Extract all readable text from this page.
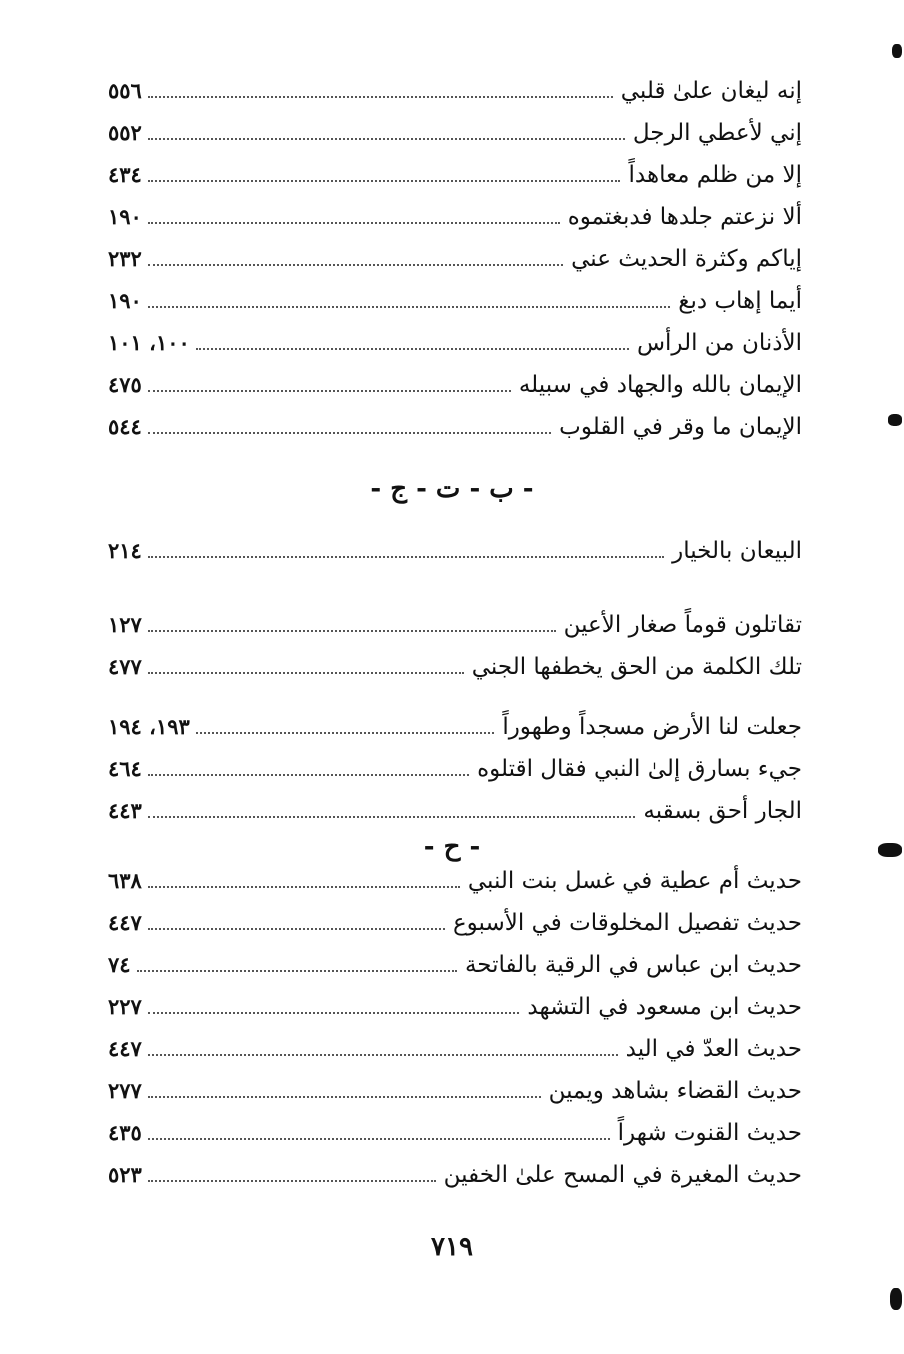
إنه ليغان علىٰ قلبي
٥٥٦
إني لأعطي الرجل
٥٥٢
إلا من ظلم معاهداً
٤٣٤
ألا نزعتم جلدها فدبغتموه
١٩٠
إياكم وكثرة الحديث عني
٢٣٢
أيما إهاب دبغ
١٩٠
الأذنان من الرأس
١٠٠، ١٠١
الإيمان بالله والجهاد في سبيله
٤٧٥
الإيمان ما وقر في القلوب
٥٤٤
- ب - ت - ج -
البيعان بالخيار
٢١٤
تقاتلون قوماً صغار الأعين
١٢٧
تلك الكلمة من الحق يخطفها الجني
٤٧٧
جعلت لنا الأرض مسجداً وطهوراً
١٩٣، ١٩٤
جيء بسارق إلىٰ النبي فقال اقتلوه
٤٦٤
الجار أحق بسقبه
٤٤٣
- ح -
حديث أم عطية في غسل بنت النبي
٦٣٨
حديث تفصيل المخلوقات في الأسبوع
٤٤٧
حديث ابن عباس في الرقية بالفاتحة
٧٤
حديث ابن مسعود في التشهد
٢٢٧
حديث العدّ في اليد
٤٤٧
حديث القضاء بشاهد ويمين
٢٧٧
حديث القنوت شهراً
٤٣٥
حديث المغيرة في المسح علىٰ الخفين
٥٢٣
٧١٩
